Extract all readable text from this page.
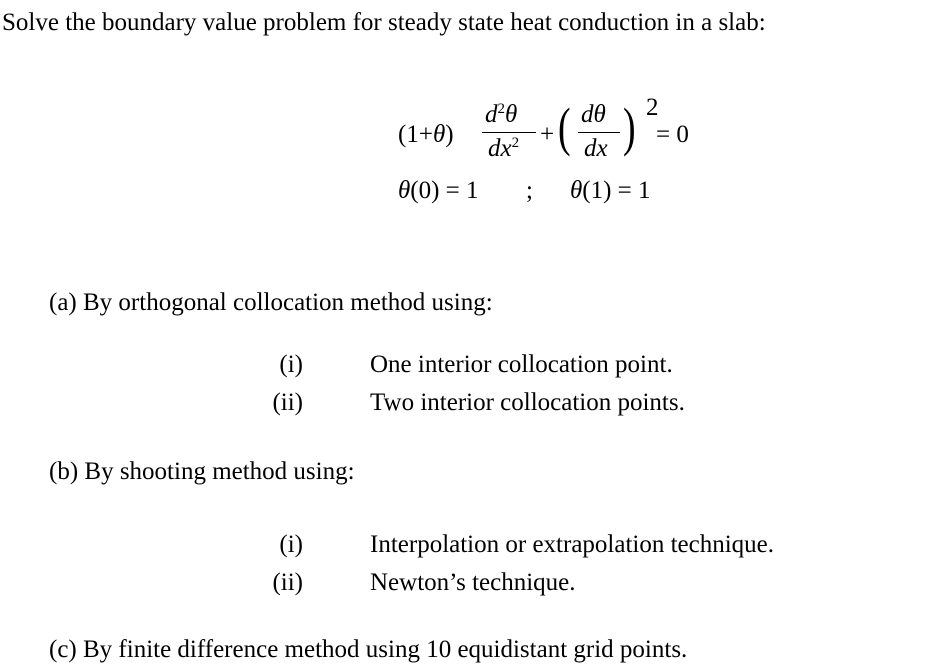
Solve the boundary value problem for steady state heat conduction in a slab:
(1+θ)
$d^2\theta$
$dx^2$ + ( dθ
dx ) 2
= 0
θ(0) = 1 ; θ(1) = 1
(a) By orthogonal collocation method using:
(i)	One interior collocation point.
(ii)	Two interior collocation points.
(b) By shooting method using:
(i)	Interpolation or extrapolation technique.
(ii)	Newton’s technique.
(c) By finite difference method using 10 equidistant grid points.
